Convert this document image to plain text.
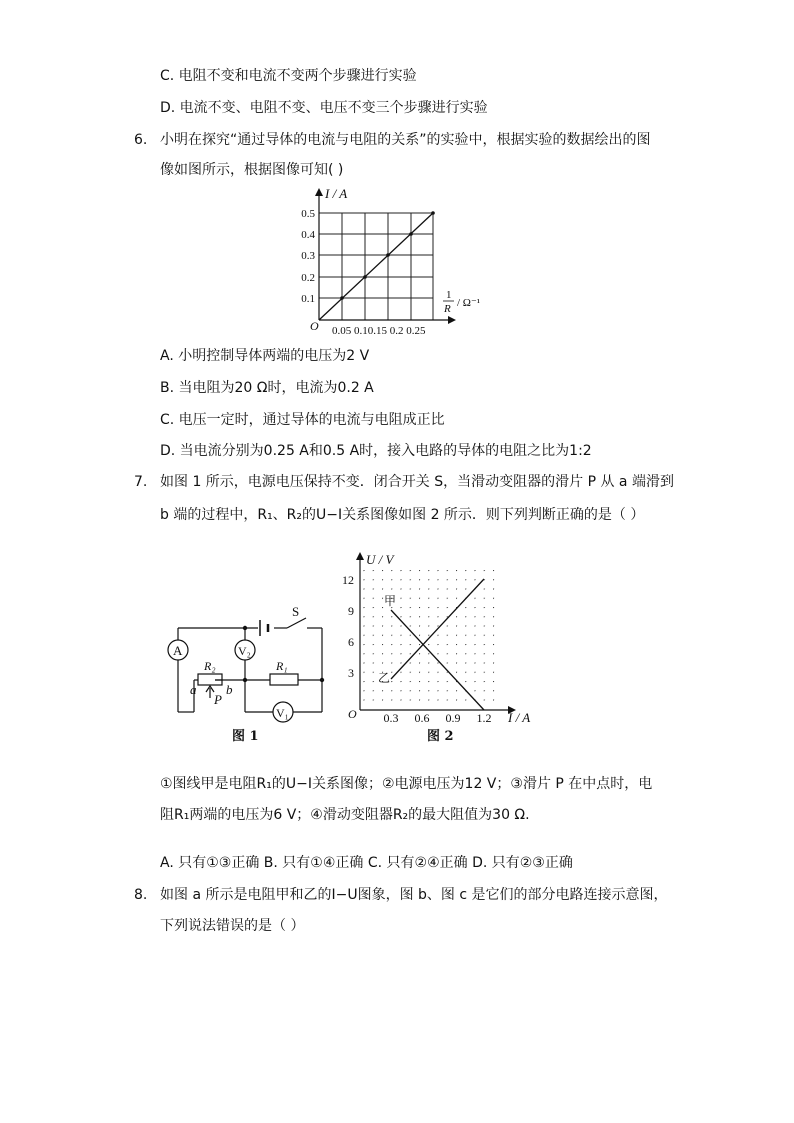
C. 电阻不变和电流不变两个步骤进行实验
D. 电流不变、电阻不变、电压不变三个步骤进行实验
6. 小明在探究“通过导体的电流与电阻的关系”的实验中，根据实验的数据绘出的图
像如图所示，根据图像可知( )
I / A
0.5
0.4
0.3
0.2
0.1
O 0.05 0.10.15 0.2 0.25
1
R / Ω⁻¹
A. 小明控制导体两端的电压为2 V
B. 当电阻为20 Ω时，电流为0.2 A
C. 电压一定时，通过导体的电流与电阻成正比
D. 当电流分别为0.25 A和0.5 A时，接入电路的导体的电阻之比为1:2
7. 如图 1 所示，电源电压保持不变．闭合开关 S，当滑动变阻器的滑片 P 从 a 端滑到
b 端的过程中，R₁、R₂的U−I关系图像如图 2 所示．则下列判断正确的是（ ）
A	V₂
V₁
S
R₂	R₁
a b
P
图 1
U / V
12
9
6
3
O 0.3 0.6 0.9 1.2 I / A
甲
乙
图 2
①图线甲是电阻R₁的U−I关系图像；②电源电压为12 V；③滑片 P 在中点时，电
阻R₁两端的电压为6 V；④滑动变阻器R₂的最大阻值为30 Ω.
A. 只有①③正确 B. 只有①④正确 C. 只有②④正确 D. 只有②③正确
8. 如图 a 所示是电阻甲和乙的I−U图象，图 b、图 c 是它们的部分电路连接示意图，
下列说法错误的是（ ）
